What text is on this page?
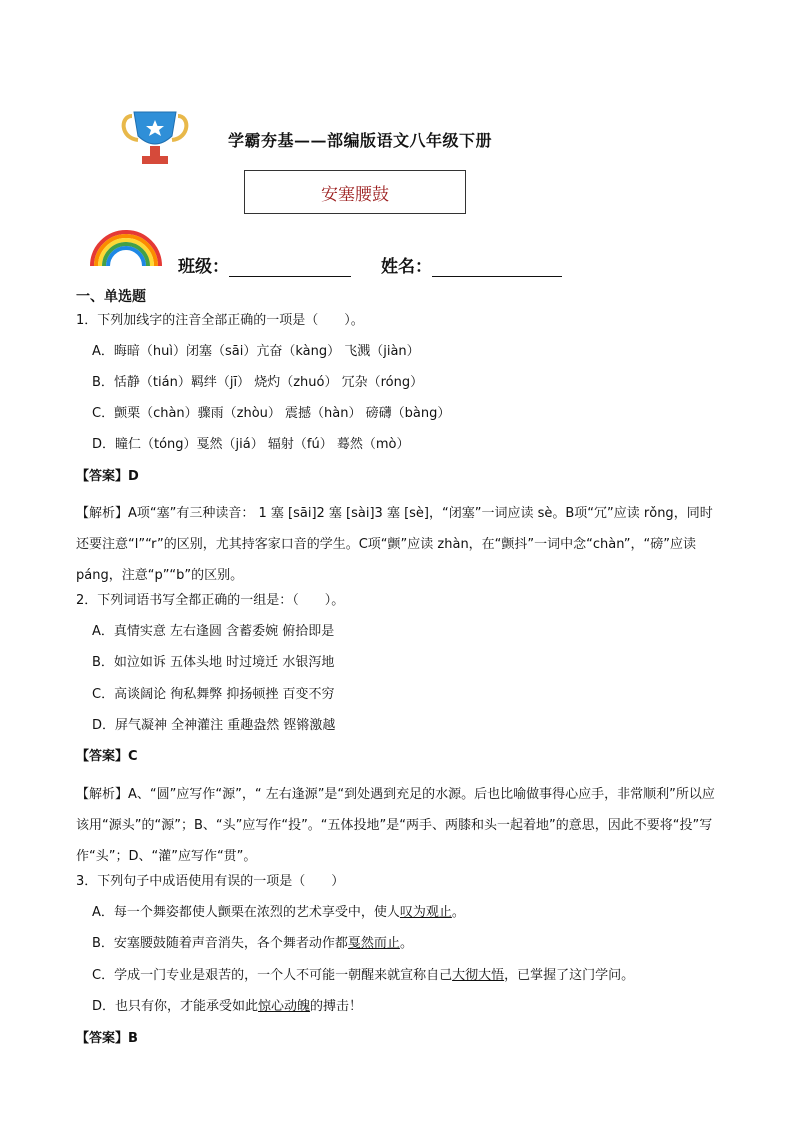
学霸夯基——部编版语文八年级下册
安塞腰鼓
班级：	姓名：
一、单选题
1．下列加线字的注音全部正确的一项是（　　）。
A．晦暗（huì）闭塞（sāi）亢奋（kàng） 飞溅（jiàn）
B．恬静（tián）羁绊（jī） 烧灼（zhuó） 冗杂（róng）
C．颤栗（chàn）骤雨（zhòu） 震撼（hàn） 磅礴（bàng）
D．瞳仁（tóng）戛然（jiá） 辐射（fú） 蓦然（mò）
【答案】D
【解析】A项“塞”有三种读音： 1 塞 [sāi]2 塞 [sài]3 塞 [sè]，“闭塞”一词应读 sè。B项“冗”应读 rǒng，同时还要注意“l”“r”的区别，尤其持客家口音的学生。C项“颤”应读 zhàn，在“颤抖”一词中念“chàn”，“磅”应读 páng，注意“p”“b”的区别。
2．下列词语书写全都正确的一组是：（　　）。
A．真情实意 左右逢圆 含蓄委婉 俯拾即是
B．如泣如诉 五体头地 时过境迁 水银泻地
C．高谈阔论 徇私舞弊 抑扬顿挫 百变不穷
D．屏气凝神 全神灌注 重趣盎然 铿锵激越
【答案】C
【解析】A、“圆”应写作“源”，“ 左右逢源”是“到处遇到充足的水源。后也比喻做事得心应手，非常顺利”所以应该用“源头”的“源”；B、“头”应写作“投”。“五体投地”是“两手、两膝和头一起着地”的意思，因此不要将“投”写作“头”；D、“灌”应写作“贯”。
3．下列句子中成语使用有误的一项是（　　）
A．每一个舞姿都使人颤栗在浓烈的艺术享受中，使人叹为观止。
B．安塞腰鼓随着声音消失，各个舞者动作都戛然而止。
C．学成一门专业是艰苦的，一个人不可能一朝醒来就宣称自己大彻大悟，已掌握了这门学问。
D．也只有你，才能承受如此惊心动魄的搏击！
【答案】B
